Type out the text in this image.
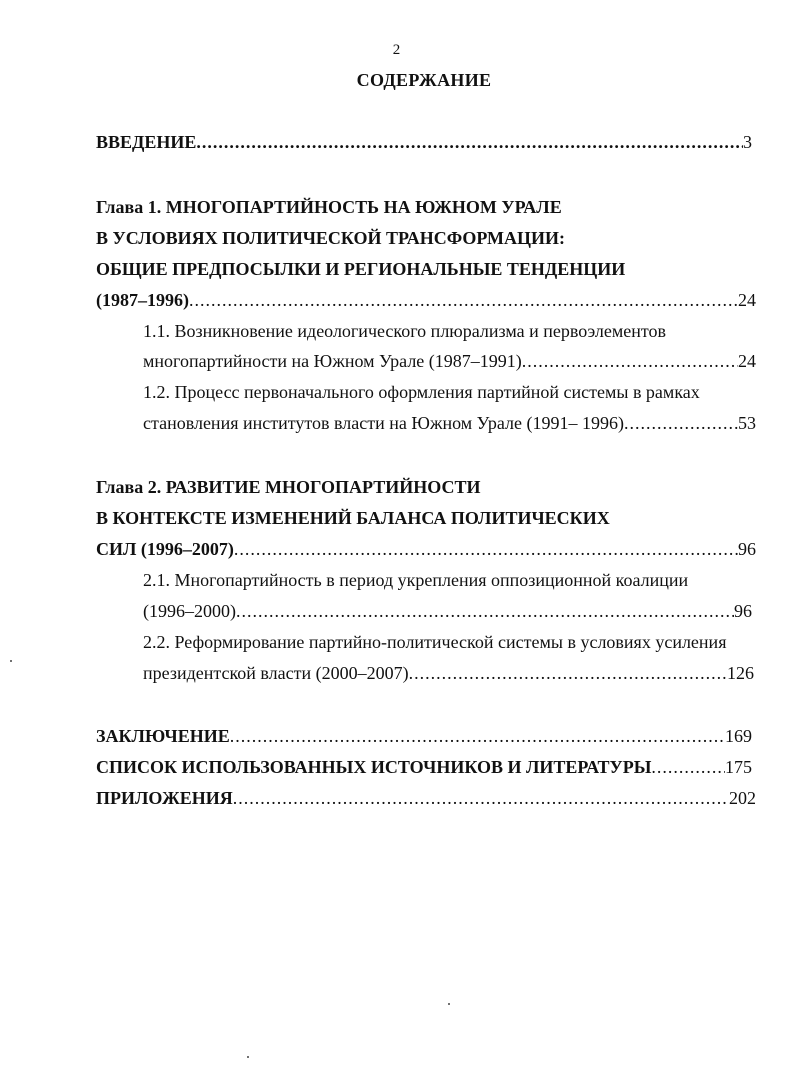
2
СОДЕРЖАНИЕ
ВВЕДЕНИЕ .....	3
Глава 1. МНОГОПАРТИЙНОСТЬ НА ЮЖНОМ УРАЛЕ
В УСЛОВИЯХ ПОЛИТИЧЕСКОЙ ТРАНСФОРМАЦИИ:
ОБЩИЕ ПРЕДПОСЫЛКИ И РЕГИОНАЛЬНЫЕ ТЕНДЕНЦИИ
(1987–1996) .....	24
1.1. Возникновение идеологического плюрализма и первоэлементов
многопартийности на Южном Урале (1987–1991) .....	24
1.2. Процесс первоначального оформления партийной системы в рамках
становления институтов власти на Южном Урале (1991– 1996) .....	53
Глава 2. РАЗВИТИЕ МНОГОПАРТИЙНОСТИ
В КОНТЕКСТЕ ИЗМЕНЕНИЙ БАЛАНСА ПОЛИТИЧЕСКИХ
СИЛ (1996–2007) .....	96
2.1. Многопартийность в период укрепления оппозиционной коалиции
(1996–2000) .....	96
2.2. Реформирование партийно-политической системы в условиях усиления
президентской власти (2000–2007) .....	126
ЗАКЛЮЧЕНИЕ .....	169
СПИСОК ИСПОЛЬЗОВАННЫХ ИСТОЧНИКОВ И ЛИТЕРАТУРЫ .....	175
ПРИЛОЖЕНИЯ .....	202
